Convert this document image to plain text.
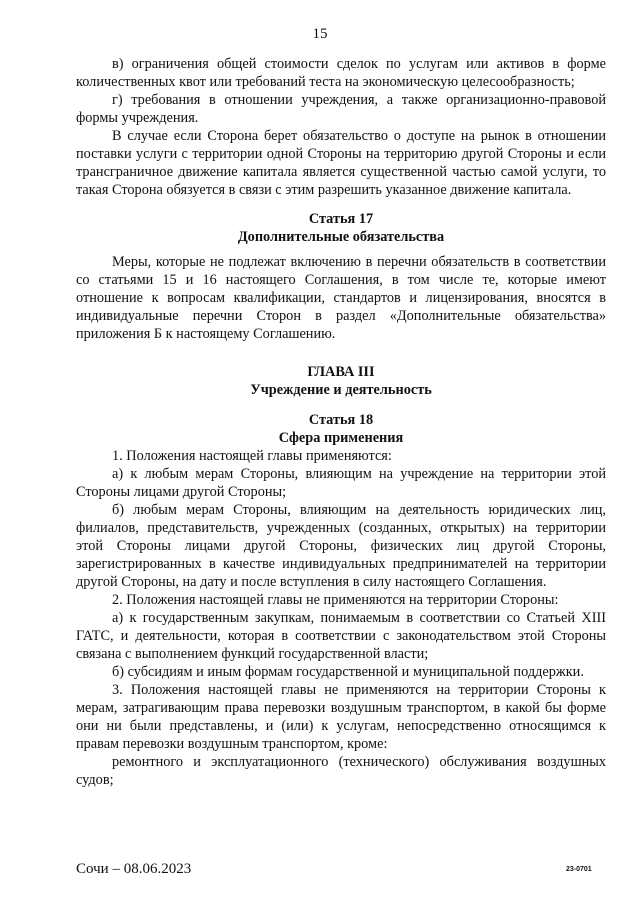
15

в) ограничения общей стоимости сделок по услугам или активов в форме количественных квот или требований теста на экономическую целесообразность;

г) требования в отношении учреждения, а также организационно-правовой формы учреждения.

В случае если Сторона берет обязательство о доступе на рынок в отношении поставки услуги с территории одной Стороны на территорию другой Стороны и если трансграничное движение капитала является существенной частью самой услуги, то такая Сторона обязуется в связи с этим разрешить указанное движение капитала.

Статья 17
Дополнительные обязательства

Меры, которые не подлежат включению в перечни обязательств в соответствии со статьями 15 и 16 настоящего Соглашения, в том числе те, которые имеют отношение к вопросам квалификации, стандартов и лицензирования, вносятся в индивидуальные перечни Сторон в раздел «Дополнительные обязательства» приложения Б к настоящему Соглашению.

ГЛАВА III
Учреждение и деятельность
Статья 18
Сфера применения

1. Положения настоящей главы применяются:

а) к любым мерам Стороны, влияющим на учреждение на территории этой Стороны лицами другой Стороны;

б) любым мерам Стороны, влияющим на деятельность юридических лиц, филиалов, представительств, учрежденных (созданных, открытых) на территории этой Стороны лицами другой Стороны, физических лиц другой Стороны, зарегистрированных в качестве индивидуальных предпринимателей на территории другой Стороны, на дату и после вступления в силу настоящего Соглашения.

2. Положения настоящей главы не применяются на территории Стороны:

а) к государственным закупкам, понимаемым в соответствии со Статьей XIII ГАТС, и деятельности, которая в соответствии с законодательством этой Стороны связана с выполнением функций государственной власти;

б) субсидиям и иным формам государственной и муниципальной поддержки.

3. Положения настоящей главы не применяются на территории Стороны к мерам, затрагивающим права перевозки воздушным транспортом, в какой бы форме они ни были представлены, и (или) к услугам, непосредственно относящимся к правам перевозки воздушным транспортом, кроме:

ремонтного и эксплуатационного (технического) обслуживания воздушных судов;

Сочи – 08.06.2023	23-0701
